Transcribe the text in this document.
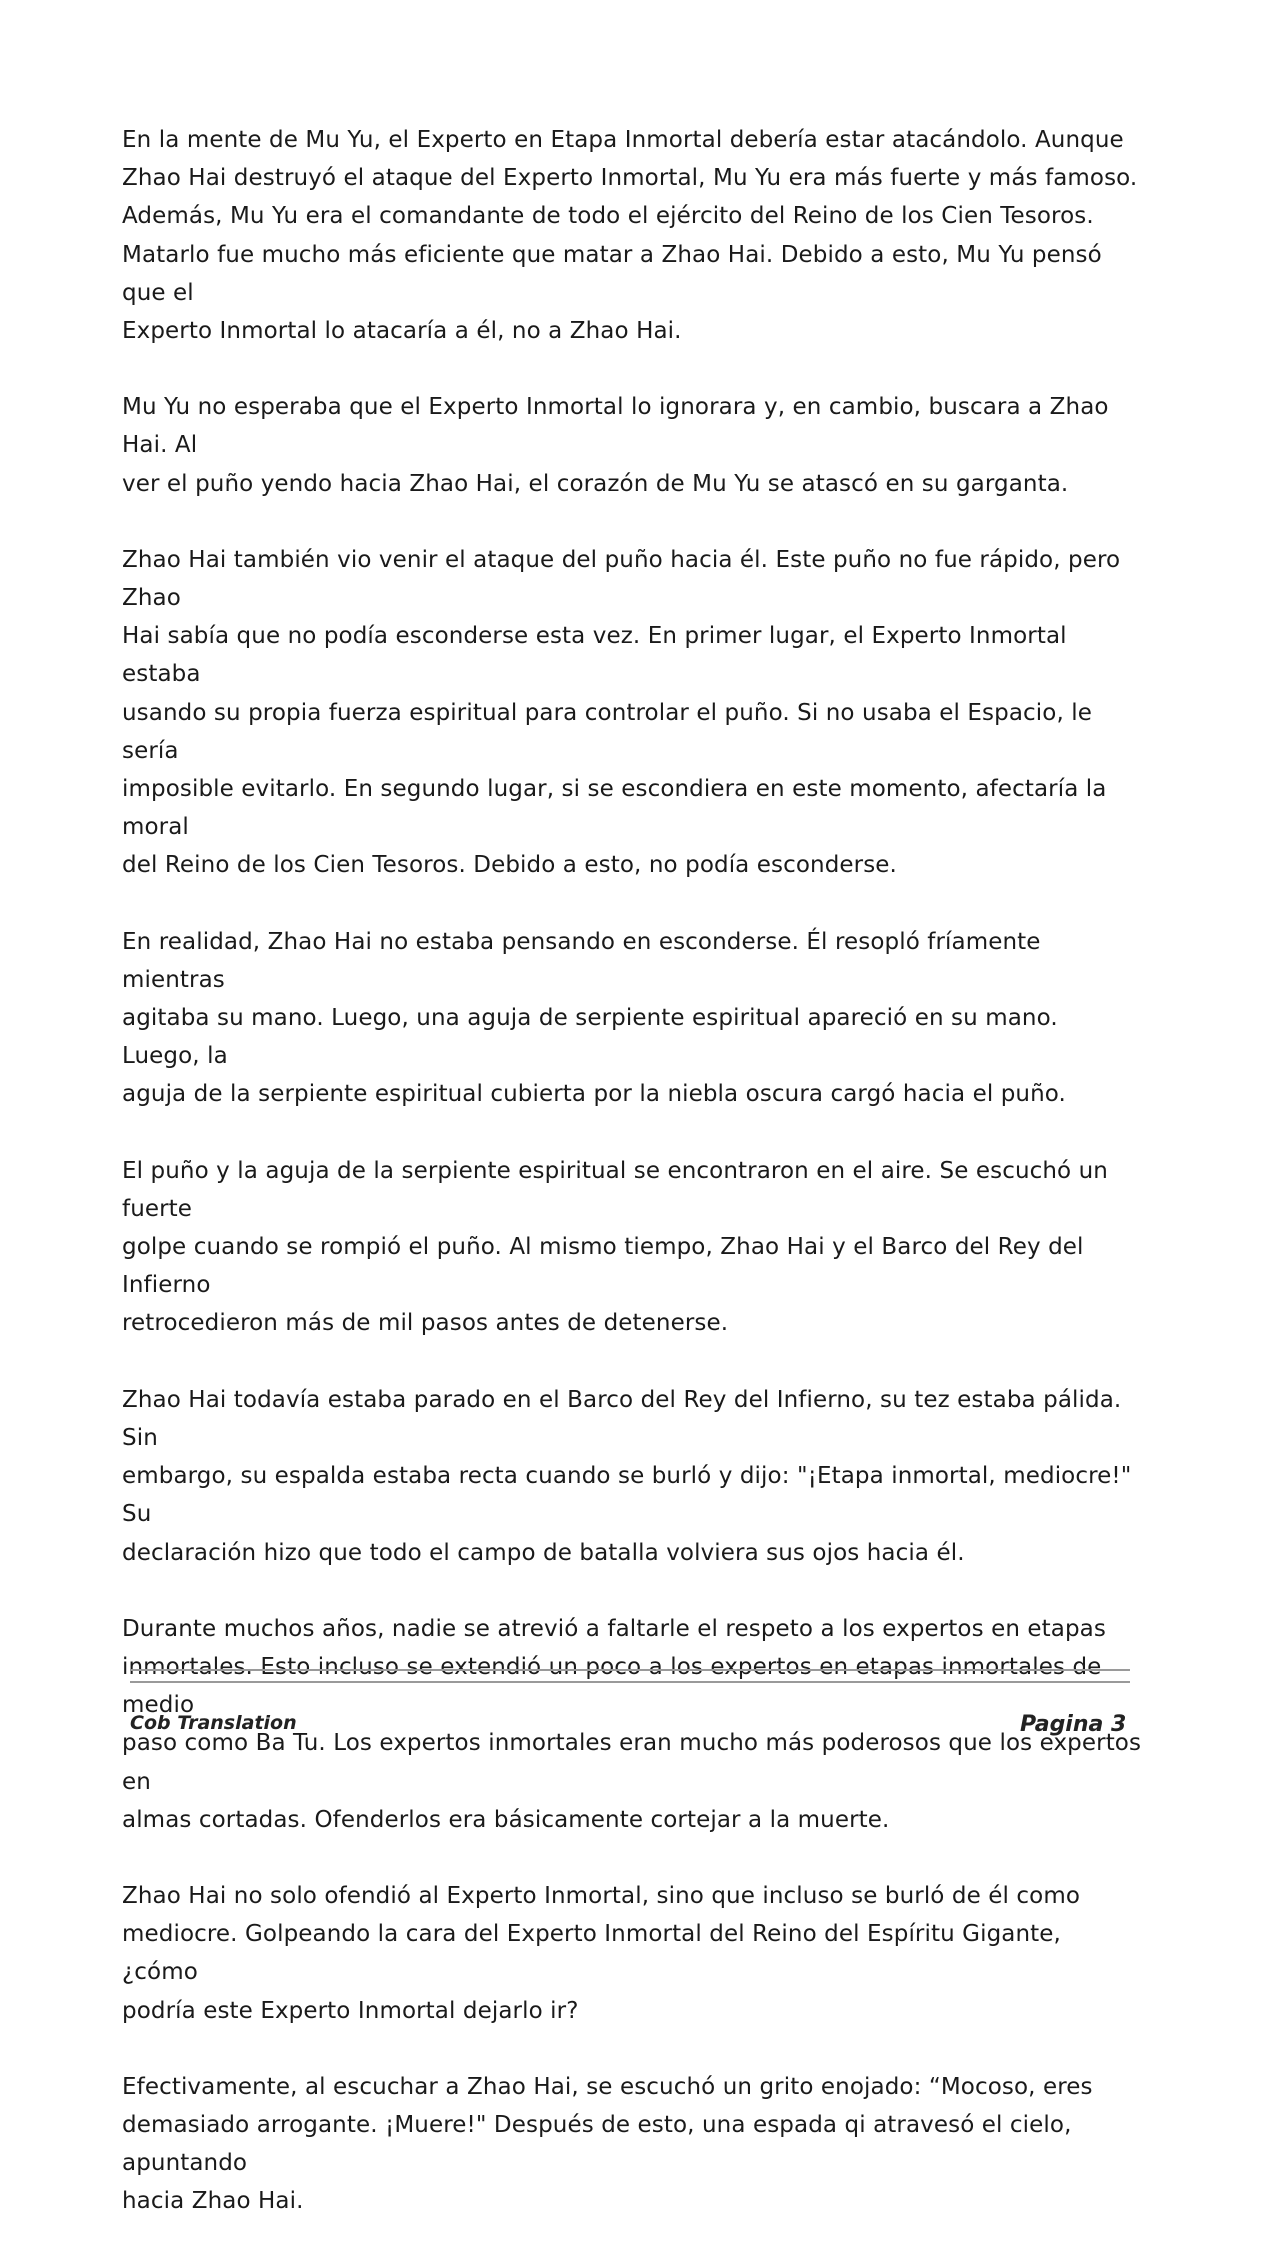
En la mente de Mu Yu, el Experto en Etapa Inmortal debería estar atacándolo. Aunque
Zhao Hai destruyó el ataque del Experto Inmortal, Mu Yu era más fuerte y más famoso.
Además, Mu Yu era el comandante de todo el ejército del Reino de los Cien Tesoros.
Matarlo fue mucho más eficiente que matar a Zhao Hai. Debido a esto, Mu Yu pensó que el
Experto Inmortal lo atacaría a él, no a Zhao Hai.

Mu Yu no esperaba que el Experto Inmortal lo ignorara y, en cambio, buscara a Zhao Hai. Al
ver el puño yendo hacia Zhao Hai, el corazón de Mu Yu se atascó en su garganta.

Zhao Hai también vio venir el ataque del puño hacia él. Este puño no fue rápido, pero Zhao
Hai sabía que no podía esconderse esta vez. En primer lugar, el Experto Inmortal estaba
usando su propia fuerza espiritual para controlar el puño. Si no usaba el Espacio, le sería
imposible evitarlo. En segundo lugar, si se escondiera en este momento, afectaría la moral
del Reino de los Cien Tesoros. Debido a esto, no podía esconderse.

En realidad, Zhao Hai no estaba pensando en esconderse. Él resopló fríamente mientras
agitaba su mano. Luego, una aguja de serpiente espiritual apareció en su mano. Luego, la
aguja de la serpiente espiritual cubierta por la niebla oscura cargó hacia el puño.

El puño y la aguja de la serpiente espiritual se encontraron en el aire. Se escuchó un fuerte
golpe cuando se rompió el puño. Al mismo tiempo, Zhao Hai y el Barco del Rey del Infierno
retrocedieron más de mil pasos antes de detenerse.

Zhao Hai todavía estaba parado en el Barco del Rey del Infierno, su tez estaba pálida. Sin
embargo, su espalda estaba recta cuando se burló y dijo: "¡Etapa inmortal, mediocre!" Su
declaración hizo que todo el campo de batalla volviera sus ojos hacia él.

Durante muchos años, nadie se atrevió a faltarle el respeto a los expertos en etapas
inmortales. Esto incluso se extendió un poco a los expertos en etapas inmortales de medio
paso como Ba Tu. Los expertos inmortales eran mucho más poderosos que los expertos en
almas cortadas. Ofenderlos era básicamente cortejar a la muerte.

Zhao Hai no solo ofendió al Experto Inmortal, sino que incluso se burló de él como
mediocre. Golpeando la cara del Experto Inmortal del Reino del Espíritu Gigante, ¿cómo
podría este Experto Inmortal dejarlo ir?

Efectivamente, al escuchar a Zhao Hai, se escuchó un grito enojado: “Mocoso, eres
demasiado arrogante. ¡Muere!" Después de esto, una espada qi atravesó el cielo, apuntando
hacia Zhao Hai.

Cob Translation	Pagina 3
